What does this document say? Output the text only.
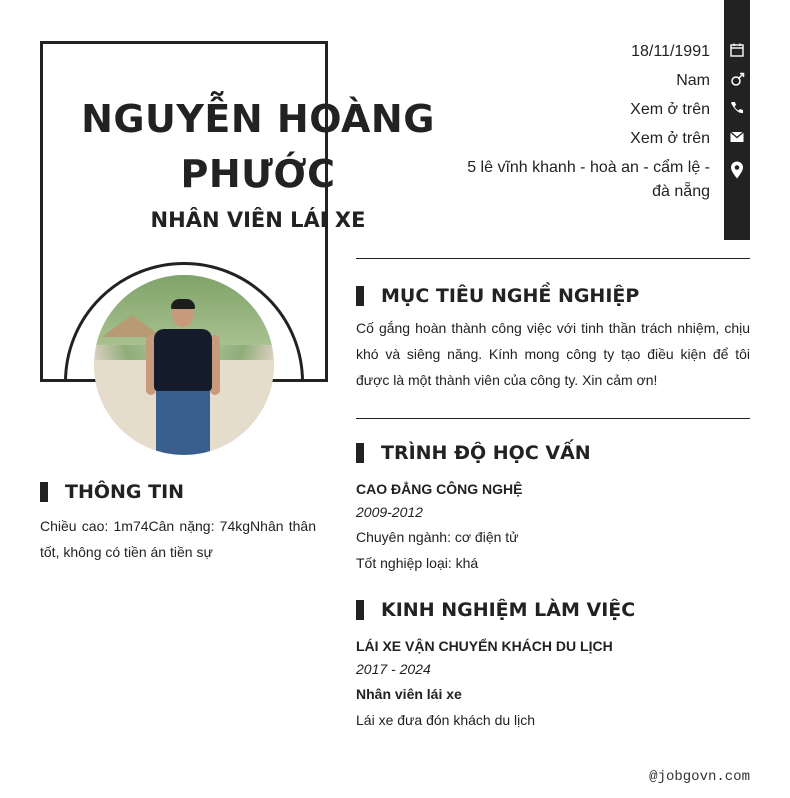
NGUYỄN HOÀNG PHƯỚC
NHÂN VIÊN LÁI XE
18/11/1991
Nam
Xem ở trên
Xem ở trên
5 lê vĩnh khanh - hoà an - cẩm lệ -
đà nẵng
THÔNG TIN
Chiều cao: 1m74Cân nặng: 74kgNhân thân tốt, không có tiền án tiền sự
MỤC TIÊU NGHỀ NGHIỆP
Cố gắng hoàn thành công việc với tinh thần trách nhiệm, chịu khó và siêng năng. Kính mong công ty tạo điều kiện để tôi được là một thành viên của công ty. Xin cảm ơn!
TRÌNH ĐỘ HỌC VẤN
CAO ĐẲNG CÔNG NGHỆ
2009-2012
Chuyên ngành: cơ điện tử
Tốt nghiệp loại: khá
KINH NGHIỆM LÀM VIỆC
LÁI XE VẬN CHUYỂN KHÁCH DU LỊCH
2017 - 2024
Nhân viên lái xe
Lái xe đưa đón khách du lịch
@jobgovn.com
